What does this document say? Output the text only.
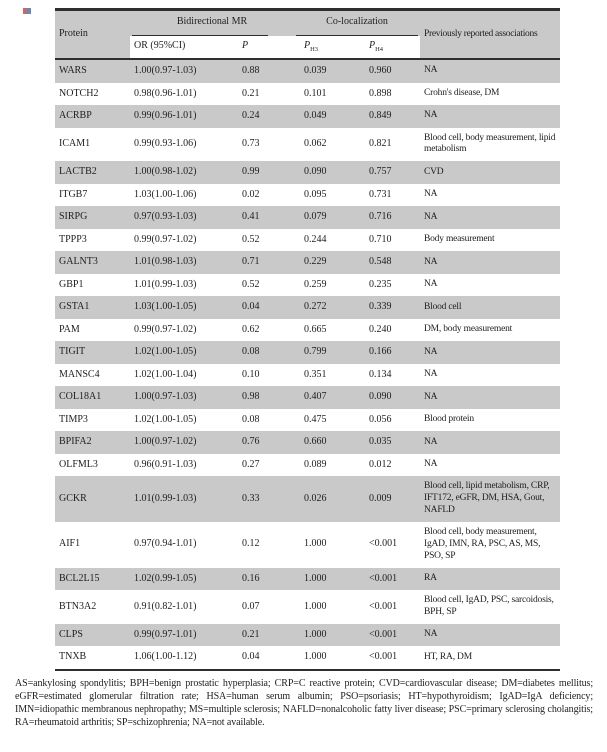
Protein	Bidirectional MR		Co-localization		Previously reported associations
	OR (95%CI)	P	$P_{H3}$	$P_{H4}$
WARS	1.00(0.97-1.03)	0.88	0.039	0.960	NA
NOTCH2	0.98(0.96-1.01)	0.21	0.101	0.898	Crohn's disease, DM
ACRBP	0.99(0.96-1.01)	0.24	0.049	0.849	NA
ICAM1	0.99(0.93-1.06)	0.73	0.062	0.821	Blood cell, body measurement, lipid metabolism
LACTB2	1.00(0.98-1.02)	0.99	0.090	0.757	CVD
ITGB7	1.03(1.00-1.06)	0.02	0.095	0.731	NA
SIRPG	0.97(0.93-1.03)	0.41	0.079	0.716	NA
TPPP3	0.99(0.97-1.02)	0.52	0.244	0.710	Body measurement
GALNT3	1.01(0.98-1.03)	0.71	0.229	0.548	NA
GBP1	1.01(0.99-1.03)	0.52	0.259	0.235	NA
GSTA1	1.03(1.00-1.05)	0.04	0.272	0.339	Blood cell
PAM	0.99(0.97-1.02)	0.62	0.665	0.240	DM, body measurement
TIGIT	1.02(1.00-1.05)	0.08	0.799	0.166	NA
MANSC4	1.02(1.00-1.04)	0.10	0.351	0.134	NA
COL18A1	1.00(0.97-1.03)	0.98	0.407	0.090	NA
TIMP3	1.02(1.00-1.05)	0.08	0.475	0.056	Blood protein
BPIFA2	1.00(0.97-1.02)	0.76	0.660	0.035	NA
OLFML3	0.96(0.91-1.03)	0.27	0.089	0.012	NA
GCKR	1.01(0.99-1.03)	0.33	0.026	0.009	Blood cell, lipid metabolism, CRP, IFT172, eGFR, DM, HSA, Gout, NAFLD
AIF1	0.97(0.94-1.01)	0.12	1.000	<0.001	Blood cell, body measurement, IgAD, IMN, RA, PSC, AS, MS, PSO, SP
BCL2L15	1.02(0.99-1.05)	0.16	1.000	<0.001	RA
BTN3A2	0.91(0.82-1.01)	0.07	1.000	<0.001	Blood cell, IgAD, PSC, sarcoidosis, BPH, SP
CLPS	0.99(0.97-1.01)	0.21	1.000	<0.001	NA
TNXB	1.06(1.00-1.12)	0.04	1.000	<0.001	HT, RA, DM

AS=ankylosing spondylitis; BPH=benign prostatic hyperplasia; CRP=C reactive protein; CVD=cardiovascular disease; DM=diabetes mellitus; eGFR=estimated glomerular filtration rate; HSA=human serum albumin; PSO=psoriasis; HT=hypothyroidism; IgAD=IgA deficiency; IMN=idiopathic membranous nephropathy; MS=multiple sclerosis; NAFLD=nonalcoholic fatty liver disease; PSC=primary sclerosing cholangitis; RA=rheumatoid arthritis; SP=schizophrenia; NA=not available.
